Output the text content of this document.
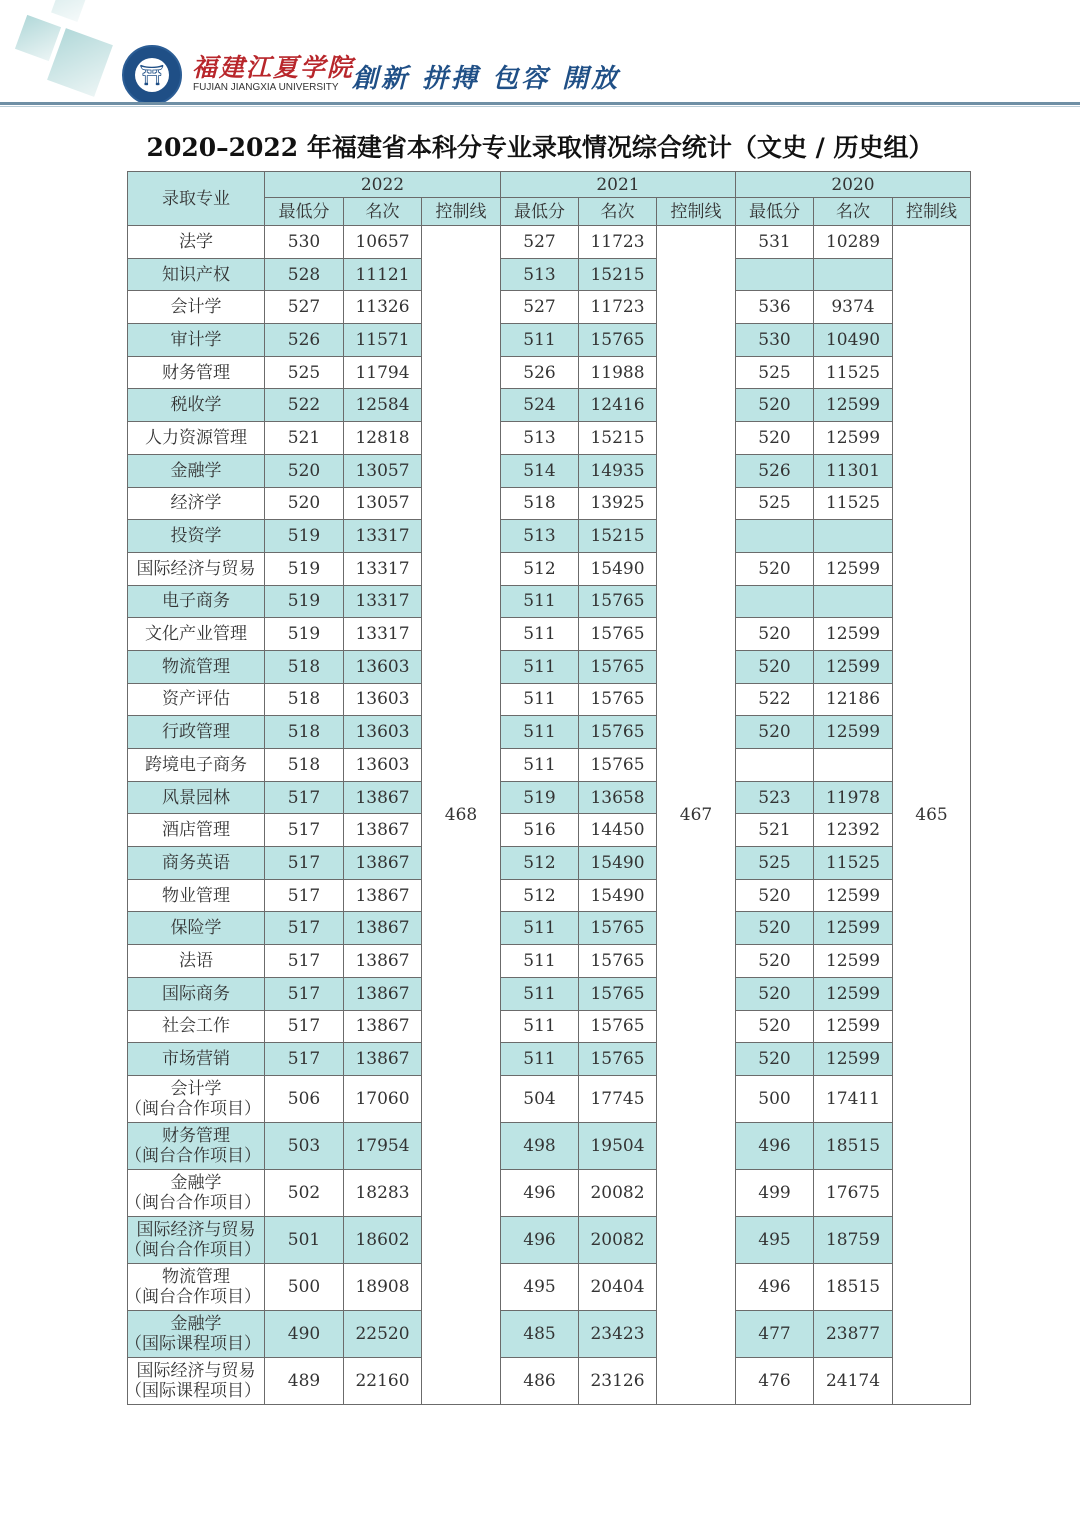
⛩ 福建江夏学院
FUJIAN JIANGXIA UNIVERSITY 創新 拼搏 包容 開放
2020–2022 年福建省本科分专业录取情况综合统计（文史 / 历史组）
录取专业	2022			2021			2020		
	最低分	名次	控制线	最低分	名次	控制线	最低分	名次	控制线

法学	530	10657	468	527	11723	467	531	10289	465

知识产权	528	11121		513	15215				

会计学	527	11326		527	11723		536	9374	

审计学	526	11571		511	15765		530	10490	

财务管理	525	11794		526	11988		525	11525	

税收学	522	12584		524	12416		520	12599	

人力资源管理	521	12818		513	15215		520	12599	

金融学	520	13057		514	14935		526	11301	

经济学	520	13057		518	13925		525	11525	

投资学	519	13317		513	15215				

国际经济与贸易	519	13317		512	15490		520	12599	

电子商务	519	13317		511	15765				

文化产业管理	519	13317		511	15765		520	12599	

物流管理	518	13603		511	15765		520	12599	

资产评估	518	13603		511	15765		522	12186	

行政管理	518	13603		511	15765		520	12599	

跨境电子商务	518	13603		511	15765				

风景园林	517	13867		519	13658		523	11978	

酒店管理	517	13867		516	14450		521	12392	

商务英语	517	13867		512	15490		525	11525	

物业管理	517	13867		512	15490		520	12599	

保险学	517	13867		511	15765		520	12599	

法语	517	13867		511	15765		520	12599	

国际商务	517	13867		511	15765		520	12599	

社会工作	517	13867		511	15765		520	12599	

市场营销	517	13867		511	15765		520	12599	

会计学
（闽台合作项目）	506	17060		504	17745		500	17411	

财务管理
（闽台合作项目）	503	17954		498	19504		496	18515	

金融学
（闽台合作项目）	502	18283		496	20082		499	17675	

国际经济与贸易
（闽台合作项目）	501	18602		496	20082		495	18759	

物流管理
（闽台合作项目）	500	18908		495	20404		496	18515	

金融学
（国际课程项目）	490	22520		485	23423		477	23877	

国际经济与贸易
（国际课程项目）	489	22160		486	23126		476	24174	
